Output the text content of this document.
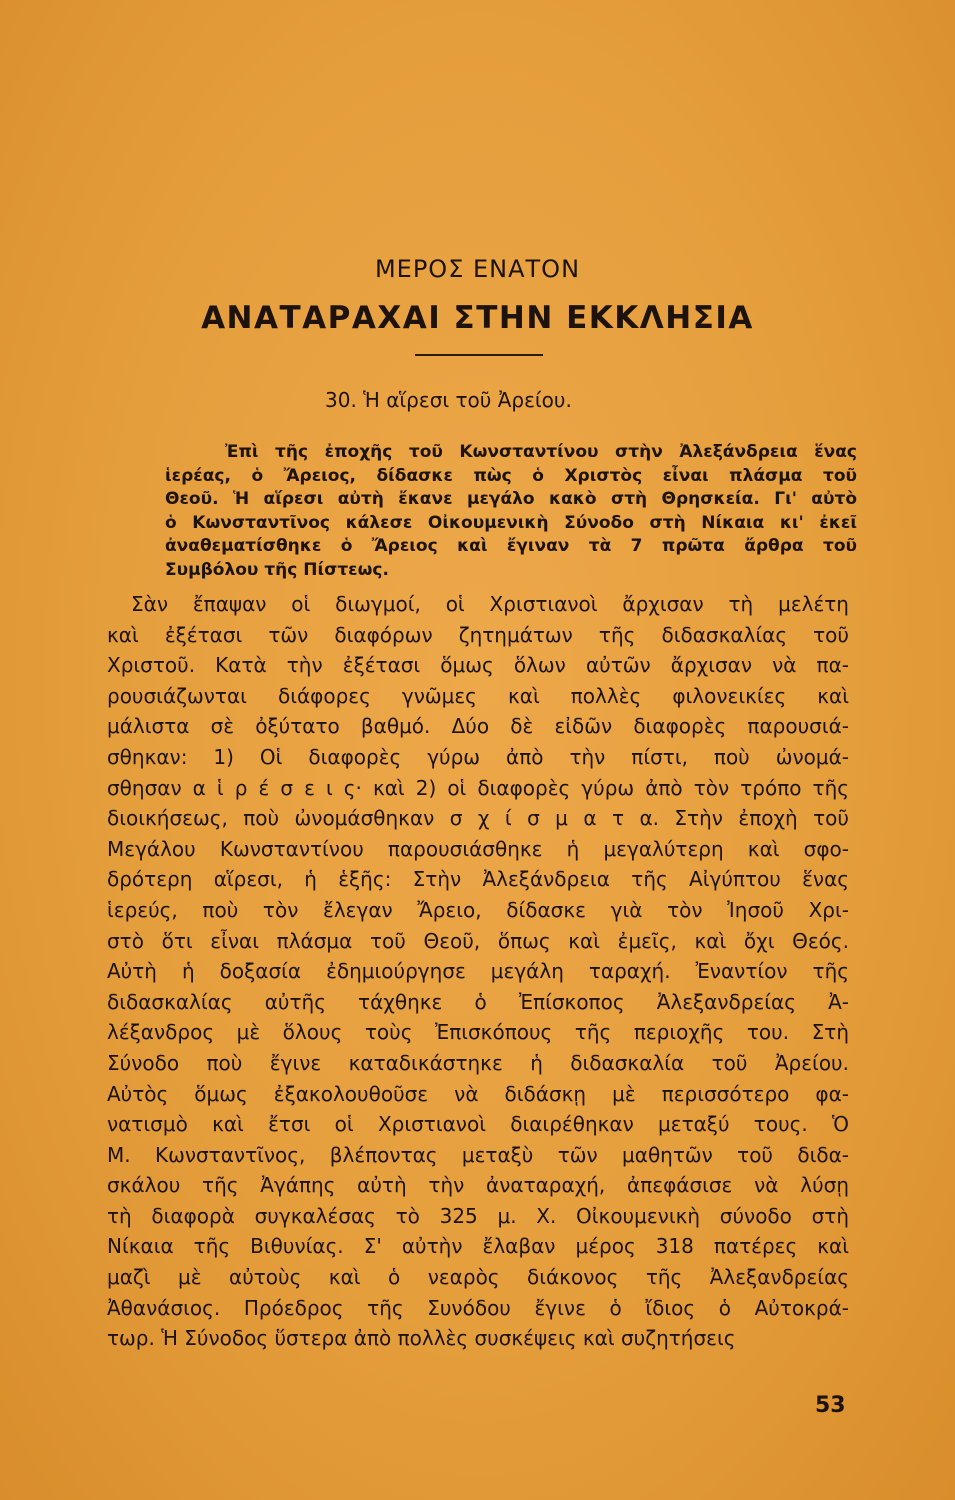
ΜΕΡΟΣ ΕΝΑΤΟΝ
ΑΝΑΤΑΡΑΧΑΙ ΣΤΗΝ ΕΚΚΛΗΣΙΑ
30. Ἡ αἵρεσι τοῦ Ἀρείου.
Ἐπὶ τῆς ἐποχῆς τοῦ Κωνσταντίνου στὴν Ἀλεξάνδρεια ἕνας
ἱερέας, ὁ Ἄρειος, δίδασκε πὼς ὁ Χριστὸς εἶναι πλάσμα τοῦ
Θεοῦ. Ἡ αἵρεσι αὐτὴ ἔκανε μεγάλο κακὸ στὴ Θρησκεία. Γι' αὐτὸ
ὁ Κωνσταντῖνος κάλεσε Οἰκουμενικὴ Σύνοδο στὴ Νίκαια κι' ἐκεῖ
ἀναθεματίσθηκε ὁ Ἄρειος καὶ ἔγιναν τὰ 7 πρῶτα ἄρθρα τοῦ
Συμβόλου τῆς Πίστεως.
Σὰν ἔπαψαν οἱ διωγμοί, οἱ Χριστιανοὶ ἄρχισαν τὴ μελέτη
καὶ ἐξέτασι τῶν διαφόρων ζητημάτων τῆς διδασκαλίας τοῦ
Χριστοῦ. Κατὰ τὴν ἐξέτασι ὅμως ὅλων αὐτῶν ἄρχισαν νὰ πα-
ρουσιάζωνται διάφορες γνῶμες καὶ πολλὲς φιλονεικίες καὶ
μάλιστα σὲ ὀξύτατο βαθμό. Δύο δὲ εἰδῶν διαφορὲς παρουσιά-
σθηκαν: 1) Οἱ διαφορὲς γύρω ἀπὸ τὴν πίστι, ποὺ ὠνομά-
σθησαν α ἱ ρ έ σ ε ι ς· καὶ 2) οἱ διαφορὲς γύρω ἀπὸ τὸν τρόπο τῆς
διοικήσεως, ποὺ ὠνομάσθηκαν σ χ ί σ μ α τ α. Στὴν ἐποχὴ τοῦ
Μεγάλου Κωνσταντίνου παρουσιάσθηκε ἡ μεγαλύτερη καὶ σφο-
δρότερη αἵρεσι, ἡ ἑξῆς: Στὴν Ἀλεξάνδρεια τῆς Αἰγύπτου ἕνας
ἱερεύς, ποὺ τὸν ἔλεγαν Ἄρειο, δίδασκε γιὰ τὸν Ἰησοῦ Χρι-
στὸ ὅτι εἶναι πλάσμα τοῦ Θεοῦ, ὅπως καὶ ἐμεῖς, καὶ ὄχι Θεός.
Αὐτὴ ἡ δοξασία ἐδημιούργησε μεγάλη ταραχή. Ἐναντίον τῆς
διδασκαλίας αὐτῆς τάχθηκε ὁ Ἐπίσκοπος Ἀλεξανδρείας Ἀ-
λέξανδρος μὲ ὅλους τοὺς Ἐπισκόπους τῆς περιοχῆς του. Στὴ
Σύνοδο ποὺ ἔγινε καταδικάστηκε ἡ διδασκαλία τοῦ Ἀρείου.
Αὐτὸς ὅμως ἐξακολουθοῦσε νὰ διδάσκῃ μὲ περισσότερο φα-
νατισμὸ καὶ ἔτσι οἱ Χριστιανοὶ διαιρέθηκαν μεταξύ τους. Ὁ
Μ. Κωνσταντῖνος, βλέποντας μεταξὺ τῶν μαθητῶν τοῦ διδα-
σκάλου τῆς Ἀγάπης αὐτὴ τὴν ἀναταραχή, ἀπεφάσισε νὰ λύσῃ
τὴ διαφορὰ συγκαλέσας τὸ 325 μ. Χ. Οἰκουμενικὴ σύνοδο στὴ
Νίκαια τῆς Βιθυνίας. Σ' αὐτὴν ἔλαβαν μέρος 318 πατέρες καὶ
μαζὶ μὲ αὐτοὺς καὶ ὁ νεαρὸς διάκονος τῆς Ἀλεξανδρείας
Ἀθανάσιος. Πρόεδρος τῆς Συνόδου ἔγινε ὁ ἴδιος ὁ Αὐτοκρά-
τωρ. Ἡ Σύνοδος ὕστερα ἀπὸ πολλὲς συσκέψεις καὶ συζητήσεις
53
